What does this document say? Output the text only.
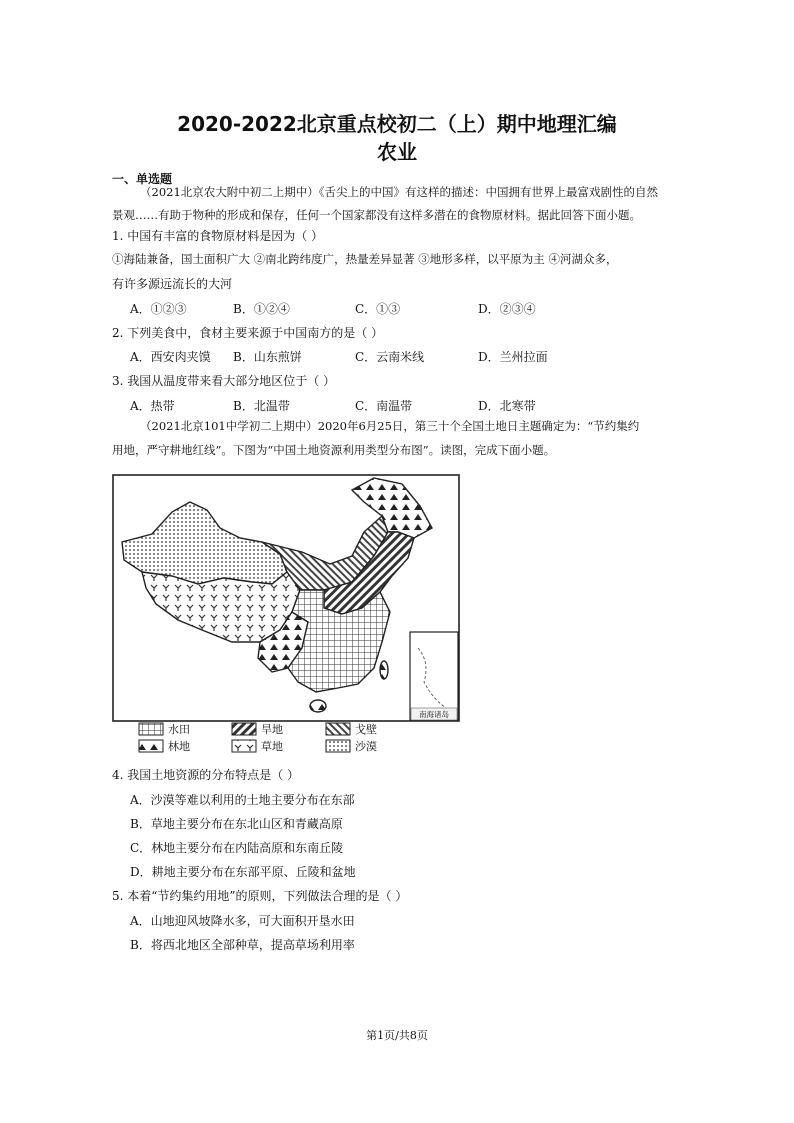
2020-2022北京重点校初二（上）期中地理汇编
农业
一、单选题
（2021北京农大附中初二上期中）《舌尖上的中国》有这样的描述：中国拥有世界上最富戏剧性的自然
景观……有助于物种的形成和保存，任何一个国家都没有这样多潜在的食物原材料。据此回答下面小题。
1. 中国有丰富的食物原材料是因为（ ）
①海陆兼备，国土面积广大 ②南北跨纬度广，热量差异显著 ③地形多样，以平原为主 ④河湖众多，
有许多源远流长的大河
A．①②③	B．①②④	C．①③	D．②③④
2. 下列美食中，食材主要来源于中国南方的是（ ）
A．西安肉夹馍 B．山东煎饼	C．云南米线	D．兰州拉面
3. 我国从温度带来看大部分地区位于（ ）
A．热带	B．北温带	C．南温带	D．北寒带
（2021北京101中学初二上期中）2020年6月25日，第三十个全国土地日主题确定为：“节约集约
用地，严守耕地红线”。下图为“中国土地资源利用类型分布图”。读图，完成下面小题。
南海诸岛
水田	旱地	戈壁
林地	草地	沙漠
4. 我国土地资源的分布特点是（ ）
A．沙漠等难以利用的土地主要分布在东部
B．草地主要分布在东北山区和青藏高原
C．林地主要分布在内陆高原和东南丘陵
D．耕地主要分布在东部平原、丘陵和盆地
5. 本着“节约集约用地”的原则，下列做法合理的是（ ）
A．山地迎风坡降水多，可大面积开垦水田
B．将西北地区全部种草，提高草场利用率
第1页/共8页
